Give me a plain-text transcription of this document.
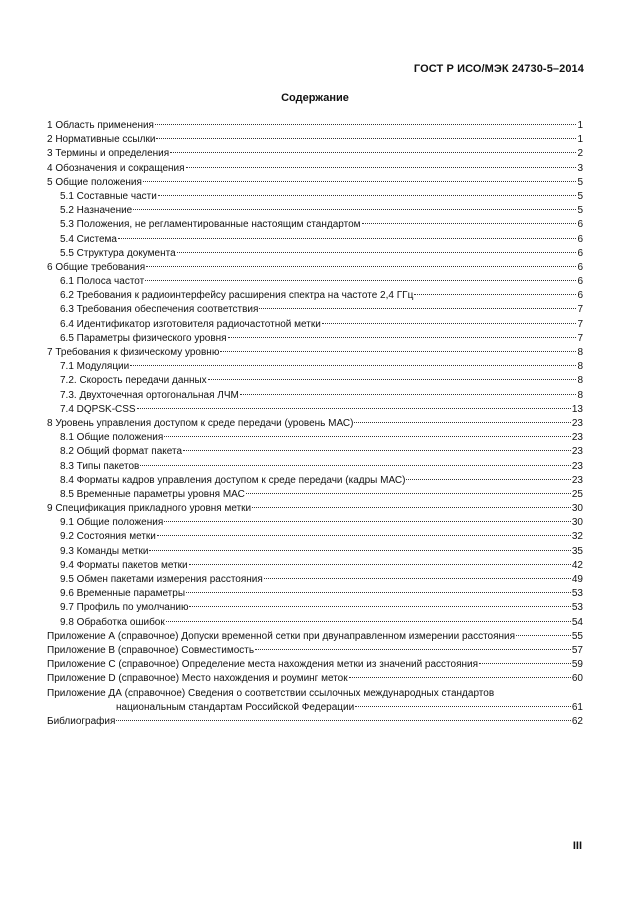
ГОСТ Р ИСО/МЭК 24730-5–2014
Содержание
1 Область применения	1
2 Нормативные ссылки	1
3 Термины и определения	2
4 Обозначения и сокращения	3
5 Общие положения	5
5.1 Составные части	5
5.2 Назначение	5
5.3 Положения, не регламентированные настоящим стандартом	6
5.4 Система	6
5.5 Структура документа	6
6 Общие требования	6
6.1 Полоса частот	6
6.2 Требования к радиоинтерфейсу расширения спектра на частоте 2,4 ГГц	6
6.3 Требования обеспечения соответствия	7
6.4 Идентификатор изготовителя радиочастотной метки	7
6.5 Параметры физического уровня	7
7 Требования к физическому уровню	8
7.1 Модуляции	8
7.2. Скорость передачи данных	8
7.3. Двухточечная ортогональная ЛЧМ	8
7.4 DQPSK-CSS	13
8 Уровень управления доступом к среде передачи (уровень МАС)	23
8.1 Общие положения	23
8.2 Общий формат пакета	23
8.3 Типы пакетов	23
8.4 Форматы кадров управления доступом к среде передачи (кадры МАС)	23
8.5 Временные параметры уровня МАС	25
9 Спецификация прикладного уровня метки	30
9.1 Общие положения	30
9.2 Состояния метки	32
9.3 Команды метки	35
9.4 Форматы пакетов метки	42
9.5 Обмен пакетами измерения расстояния	49
9.6 Временные параметры	53
9.7 Профиль по умолчанию	53
9.8 Обработка ошибок	54
Приложение А (справочное) Допуски временной сетки при двунаправленном измерении расстояния	55
Приложение В (справочное) Совместимость	57
Приложение С (справочное) Определение места нахождения метки из значений расстояния	59
Приложение D (справочное) Место нахождения и роуминг меток	60
Приложение ДА (справочное) Сведения о соответствии ссылочных международных стандартов
национальным стандартам Российской Федерации	61
Библиография	62
III
